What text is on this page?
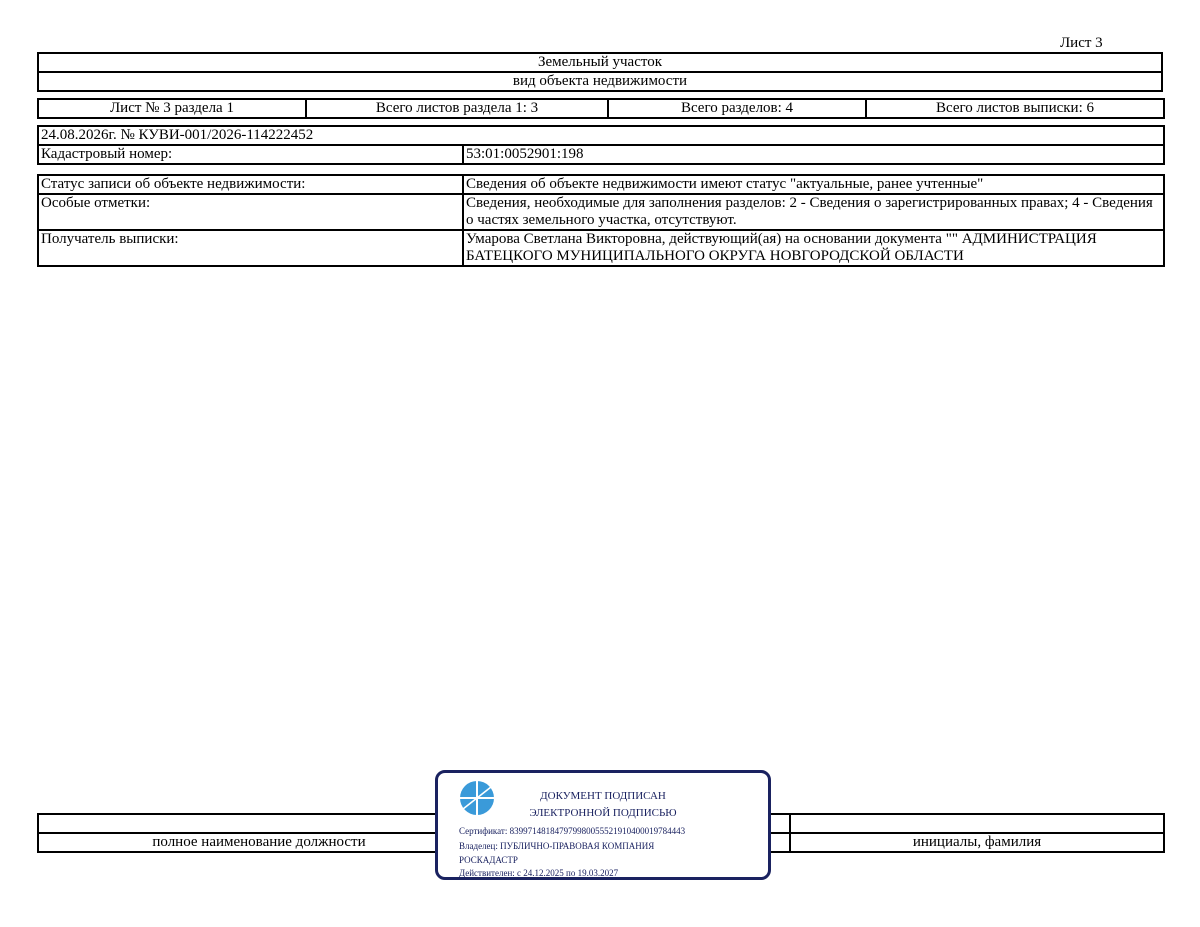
Лист 3
Земельный участок
вид объекта недвижимости
Лист № 3 раздела 1	Всего листов раздела 1: 3	Всего разделов: 4	Всего листов выписки: 6
24.08.2026г. № КУВИ-001/2026-114222452
Кадастровый номер:	53:01:0052901:198
Статус записи об объекте недвижимости:	Сведения об объекте недвижимости имеют статус "актуальные, ранее учтенные"
Особые отметки:	Сведения, необходимые для заполнения разделов: 2 - Сведения о зарегистрированных правах; 4 - Сведения о частях земельного участка, отсутствуют.
Получатель выписки:	Умарова Светлана Викторовна, действующий(ая) на основании документа "" АДМИНИСТРАЦИЯ БАТЕЦКОГО МУНИЦИПАЛЬНОГО ОКРУГА НОВГОРОДСКОЙ ОБЛАСТИ

полное наименование должности		инициалы, фамилия
ДОКУМЕНТ ПОДПИСАН
ЭЛЕКТРОННОЙ ПОДПИСЬЮ
Сертификат: 839971481847979980055521910400019784443
Владелец: ПУБЛИЧНО-ПРАВОВАЯ КОМПАНИЯ
РОСКАДАСТР
Действителен: с 24.12.2025 по 19.03.2027
